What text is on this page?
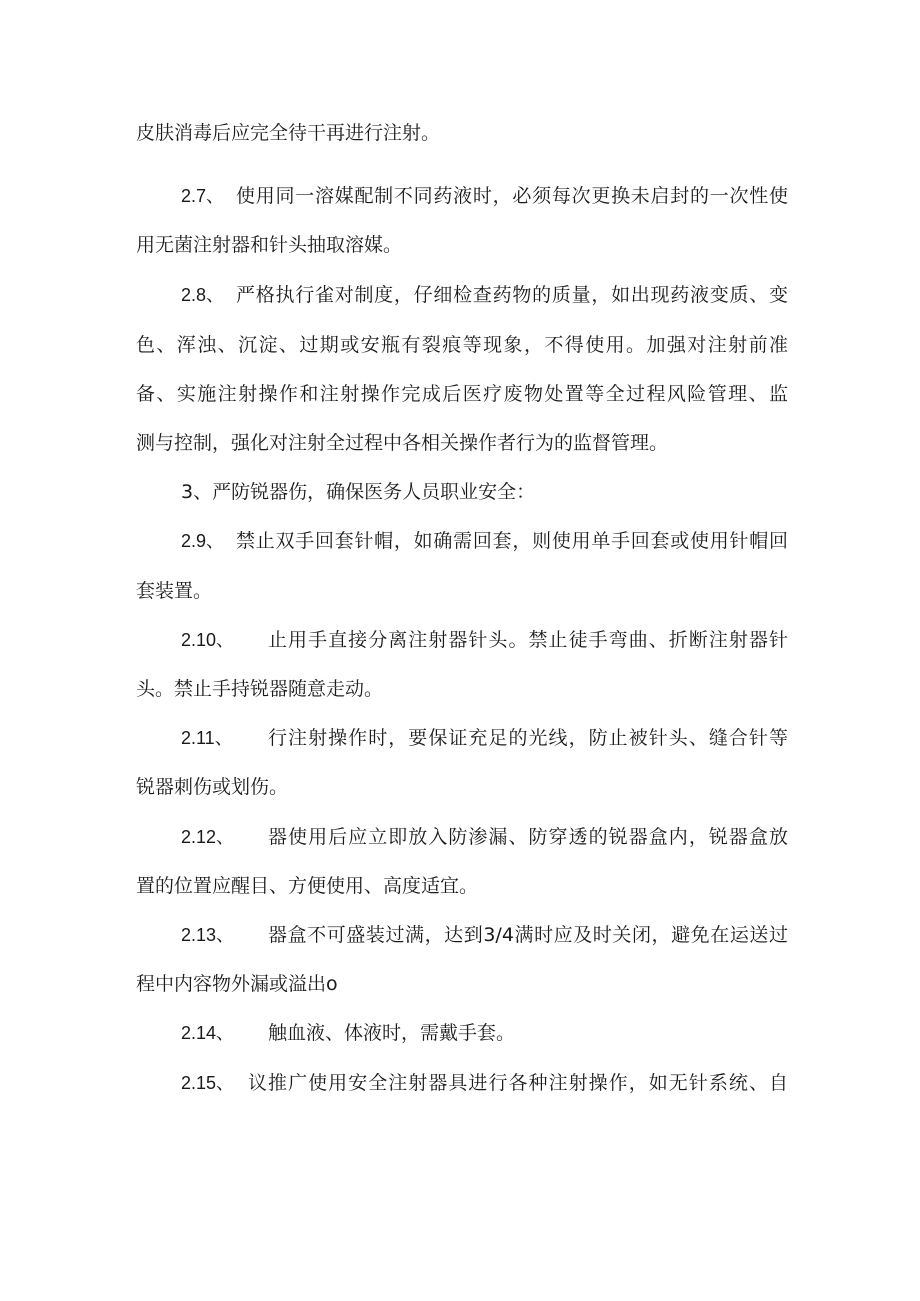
皮肤消毒后应完全待干再进行注射。
2.7、 使用同一溶媒配制不同药液时，必须每次更换未启封的一次性使
用无菌注射器和针头抽取溶媒。
2.8、 严格执行雀对制度，仔细检查药物的质量，如出现药液变质、变
色、浑浊、沉淀、过期或安瓶有裂痕等现象，不得使用。加强对注射前准
备、实施注射操作和注射操作完成后医疗废物处置等全过程风险管理、监
测与控制，强化对注射全过程中各相关操作者行为的监督管理。
3、严防锐器伤，确保医务人员职业安全：
2.9、 禁止双手回套针帽，如确需回套，则使用单手回套或使用针帽回
套装置。
2.10、 止用手直接分离注射器针头。禁止徒手弯曲、折断注射器针
头。禁止手持锐器随意走动。
2.11、 行注射操作时，要保证充足的光线，防止被针头、缝合针等
锐器刺伤或划伤。
2.12、 器使用后应立即放入防渗漏、防穿透的锐器盒内，锐器盒放
置的位置应醒目、方便使用、高度适宜。
2.13、 器盒不可盛装过满，达到3/4满时应及时关闭，避免在运送过
程中内容物外漏或溢出o
2.14、 触血液、体液时，需戴手套。
2.15、 议推广使用安全注射器具进行各种注射操作，如无针系统、自
